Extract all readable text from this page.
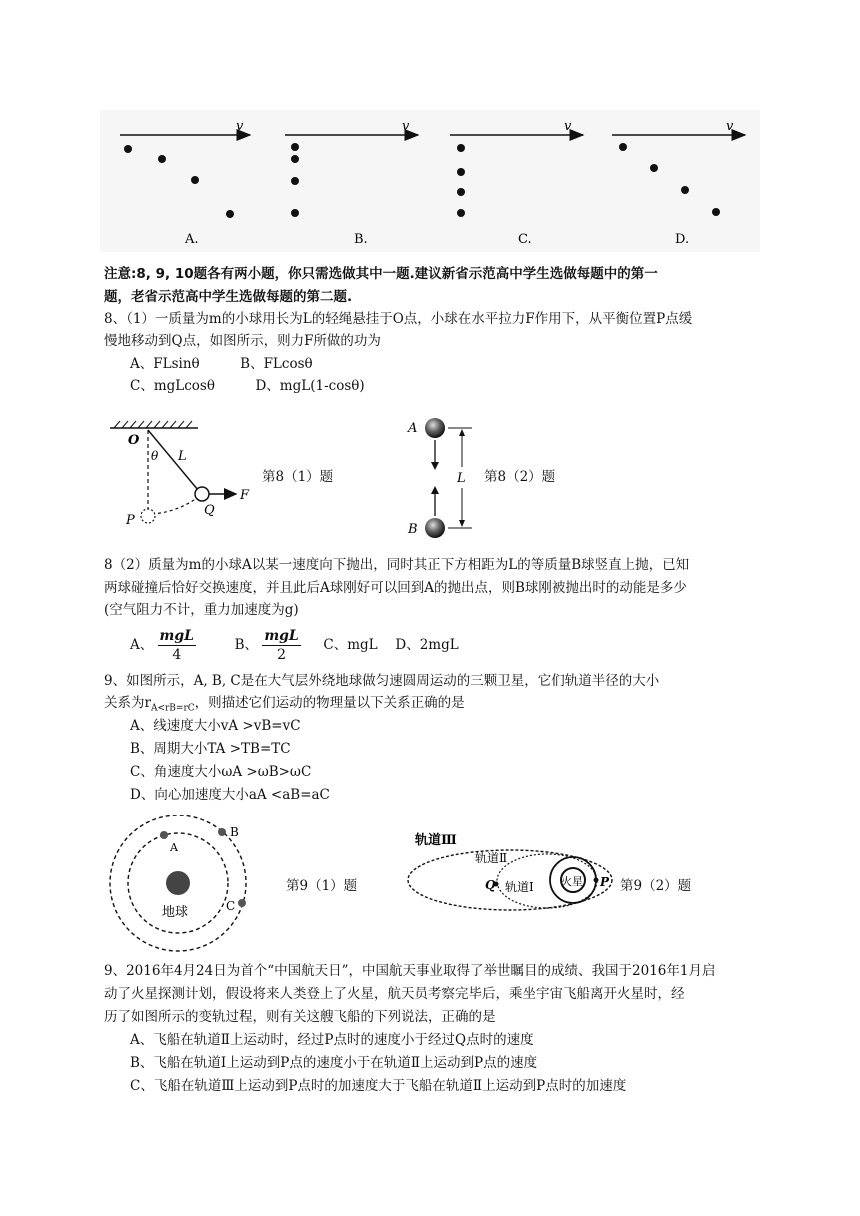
v
A.
v
B.
v
C.
v
D.
注意:8, 9, 10题各有两小题，你只需选做其中一题.建议新省示范高中学生选做每题中的第一
题，老省示范高中学生选做每题的第二题.
8、（1）一质量为m的小球用长为L的轻绳悬挂于O点，小球在水平拉力F作用下，从平衡位置P点缓
慢地移动到Q点，如图所示，则力F所做的功为
A、FLsinθ　　　B、FLcosθ
C、mgLcosθ　　　D、mgL(1-cosθ)
O
θ L
Q
P
F
第8（1）题
A
B
L 第8（2）题
8（2）质量为m的小球A以某一速度向下抛出，同时其正下方相距为L的等质量B球竖直上抛，已知
两球碰撞后恰好交换速度，并且此后A球刚好可以回到A的抛出点，则B球刚被抛出时的动能是多少
(空气阻力不计，重力加速度为g)
A、 $\frac{\text{mgL}}{4}$	B、 $\frac{\text{mgL}}{2}$ C、mgL　 D、2mgL
9、如图所示，A, B, C是在大气层外绕地球做匀速圆周运动的三颗卫星，它们轨道半径的大小
关系为$r_{A<rB=rC}$，则描述它们运动的物理量以下关系正确的是
A、线速度大小vA >vB=vC
B、周期大小TA >TB=TC
C、角速度大小ωA >ωB>ωC
D、向心加速度大小aA <aB=aC
A
B
C
地球
第9（1）题
轨道Ⅲ
轨道Ⅱ
轨道Ⅰ
Q	P
火星	第9（2）题
9、2016年4月24日为首个“中国航天日”，中国航天事业取得了举世瞩目的成绩、我国于2016年1月启
动了火星探测计划，假设将来人类登上了火星，航天员考察完毕后，乘坐宇宙飞船离开火星时，经
历了如图所示的变轨过程，则有关这艘飞船的下列说法，正确的是
A、飞船在轨道Ⅱ上运动时，经过P点时的速度小于经过Q点时的速度
B、飞船在轨道Ⅰ上运动到P点的速度小于在轨道Ⅱ上运动到P点的速度
C、飞船在轨道Ⅲ上运动到P点时的加速度大于飞船在轨道Ⅱ上运动到P点时的加速度
